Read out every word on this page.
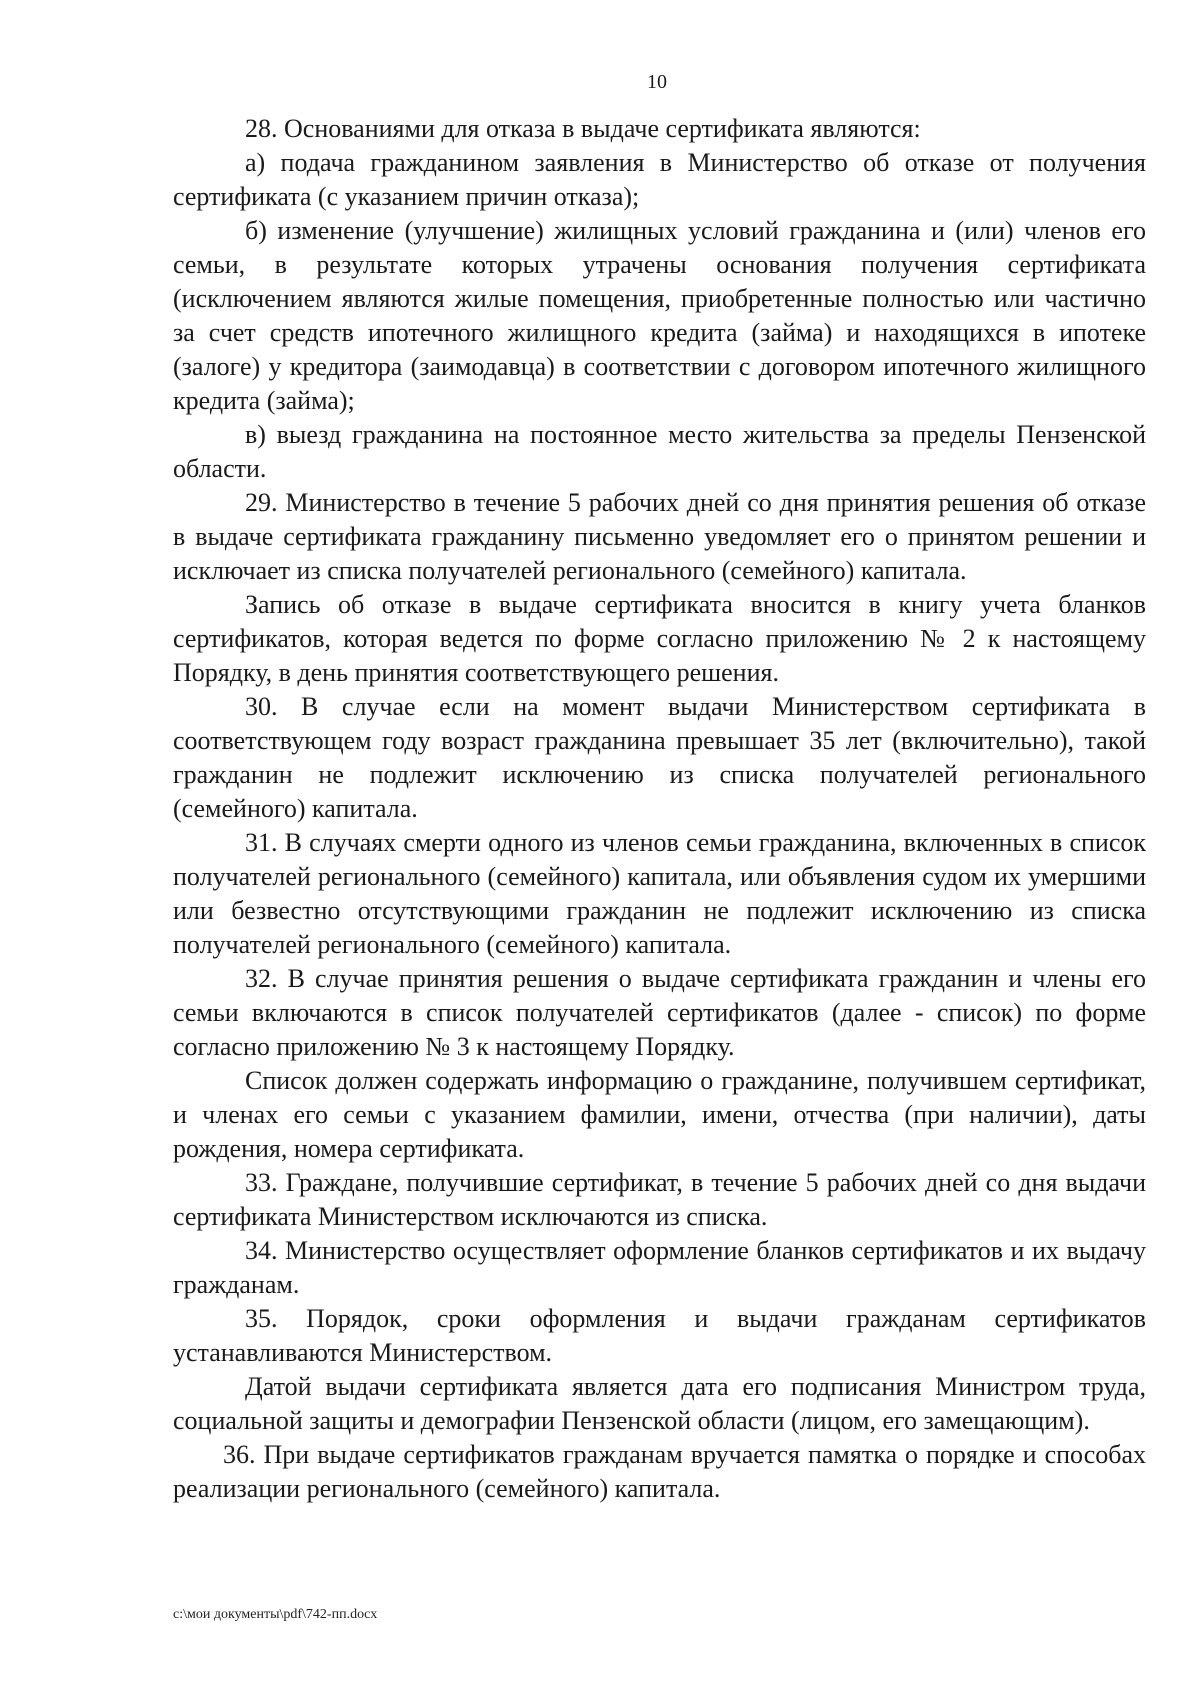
10

28. Основаниями для отказа в выдаче сертификата являются:

а) подача гражданином заявления в Министерство об отказе от получения сертификата (с указанием причин отказа);

б) изменение (улучшение) жилищных условий гражданина и (или) членов его семьи, в результате которых утрачены основания получения сертификата (исключением являются жилые помещения, приобретенные полностью или частично за счет средств ипотечного жилищного кредита (займа) и находящихся в ипотеке (залоге) у кредитора (заимодавца) в соответствии с договором ипотечного жилищного кредита (займа);

в) выезд гражданина на постоянное место жительства за пределы Пензенской области.

29. Министерство в течение 5 рабочих дней со дня принятия решения об отказе в выдаче сертификата гражданину письменно уведомляет его о принятом решении и исключает из списка получателей регионального (семейного) капитала.

Запись об отказе в выдаче сертификата вносится в книгу учета бланков сертификатов, которая ведется по форме согласно приложению № 2 к настоящему Порядку, в день принятия соответствующего решения.

30. В случае если на момент выдачи Министерством сертификата в соответствующем году возраст гражданина превышает 35 лет (включительно), такой гражданин не подлежит исключению из списка получателей регионального (семейного) капитала.

31. В случаях смерти одного из членов семьи гражданина, включенных в список получателей регионального (семейного) капитала, или объявления судом их умершими или безвестно отсутствующими гражданин не подлежит исключению из списка получателей регионального (семейного) капитала.

32. В случае принятия решения о выдаче сертификата гражданин и члены его семьи включаются в список получателей сертификатов (далее - список) по форме согласно приложению № 3 к настоящему Порядку.

Список должен содержать информацию о гражданине, получившем сертификат, и членах его семьи с указанием фамилии, имени, отчества (при наличии), даты рождения, номера сертификата.

33. Граждане, получившие сертификат, в течение 5 рабочих дней со дня выдачи сертификата Министерством исключаются из списка.

34. Министерство осуществляет оформление бланков сертификатов и их выдачу гражданам.

35. Порядок, сроки оформления и выдачи гражданам сертификатов устанавливаются Министерством.

Датой выдачи сертификата является дата его подписания Министром труда, социальной защиты и демографии Пензенской области (лицом, его замещающим).

36. При выдаче сертификатов гражданам вручается памятка о порядке и способах реализации регионального (семейного) капитала.

c:\мои документы\pdf\742-пп.docx
